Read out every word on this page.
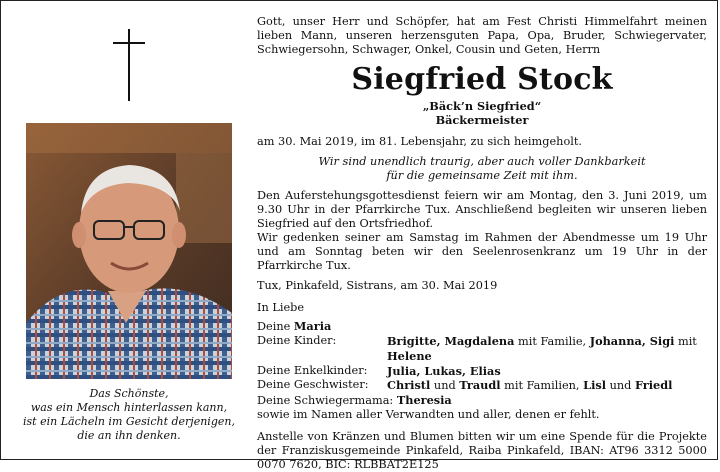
Das Schönste,
was ein Mensch hinterlassen kann,
ist ein Lächeln im Gesicht derjenigen,
die an ihn denken.

Gott, unser Herr und Schöpfer, hat am Fest Christi Himmelfahrt meinen lieben Mann, unseren herzensguten Papa, Opa, Bruder, Schwiegervater, Schwiegersohn, Schwager, Onkel, Cousin und Geten, Herrn

Siegfried Stock
„Bäck’n Siegfried“
Bäckermeister

am 30. Mai 2019, im 81. Lebensjahr, zu sich heimgeholt.

Wir sind unendlich traurig, aber auch voller Dankbarkeit
für die gemeinsame Zeit mit ihm.

Den Auferstehungsgottesdienst feiern wir am Montag, den 3. Juni 2019, um 9.30 Uhr in der Pfarrkirche Tux. Anschließend begleiten wir unseren lieben Siegfried auf den Ortsfriedhof.

Wir gedenken seiner am Samstag im Rahmen der Abendmesse um 19 Uhr und am Sonntag beten wir den Seelenrosenkranz um 19 Uhr in der Pfarrkirche Tux.

Tux, Pinkafeld, Sistrans, am 30. Mai 2019

In Liebe

Deine Maria
Deine Kinder:	Brigitte, Magdalena mit Familie, Johanna, Sigi mit Helene
Deine Enkelkinder:	Julia, Lukas, Elias
Deine Geschwister:	Christl und Traudl mit Familien, Lisl und Friedl
Deine Schwiegermama: Theresia
sowie im Namen aller Verwandten und aller, denen er fehlt.

Anstelle von Kränzen und Blumen bitten wir um eine Spende für die Projekte der Franziskusgemeinde Pinkafeld, Raiba Pinkafeld, IBAN: AT96 3312 5000 0070 7620, BIC: RLBBAT2E125
